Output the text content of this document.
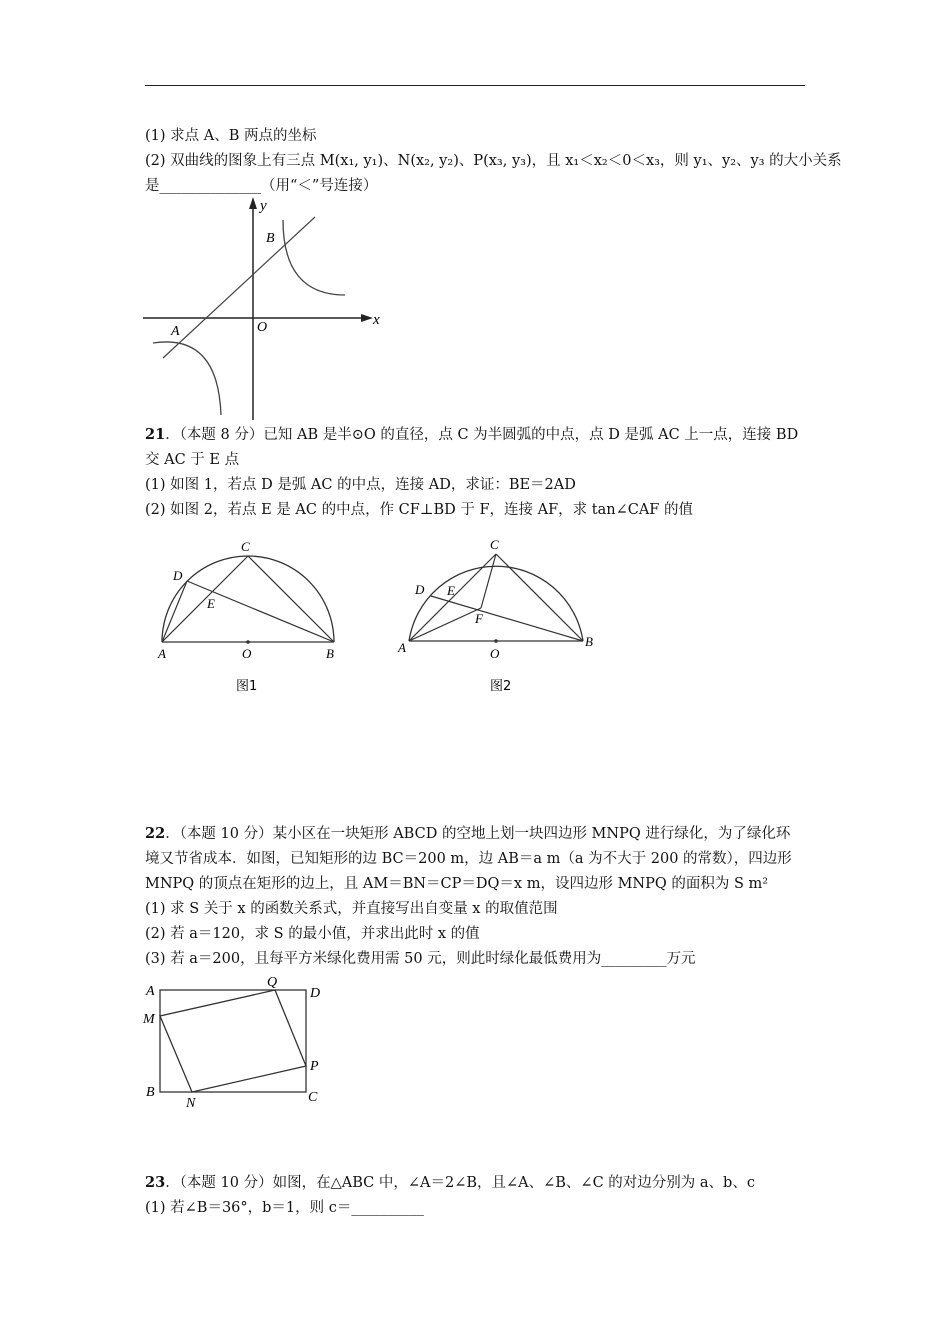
(1) 求点 A、B 两点的坐标
(2) 双曲线的图象上有三点 M(x₁, y₁)、N(x₂, y₂)、P(x₃, y₃)，且 x₁＜x₂＜0＜x₃，则 y₁、y₂、y₃ 的大小关系
是______________（用“＜”号连接）
y
x
O
A
B
21．（本题 8 分）已知 AB 是半⊙O 的直径，点 C 为半圆弧的中点，点 D 是弧 AC 上一点，连接 BD
交 AC 于 E 点
(1) 如图 1，若点 D 是弧 AC 的中点，连接 AD，求证：BE＝2AD
(2) 如图 2，若点 E 是 AC 的中点，作 CF⊥BD 于 F，连接 AF，求 tan∠CAF 的值
C
D
E
A	O	B
图1
C
D E
F
A	O
B
图2
22．（本题 10 分）某小区在一块矩形 ABCD 的空地上划一块四边形 MNPQ 进行绿化，为了绿化环
境又节省成本．如图，已知矩形的边 BC＝200 m，边 AB＝a m（a 为不大于 200 的常数），四边形
MNPQ 的顶点在矩形的边上，且 AM＝BN＝CP＝DQ＝x m，设四边形 MNPQ 的面积为 S m²
(1) 求 S 关于 x 的函数关系式，并直接写出自变量 x 的取值范围
(2) 若 a＝120，求 S 的最小值，并求出此时 x 的值
(3) 若 a＝200，且每平方米绿化费用需 50 元，则此时绿化最低费用为_________万元
A
Q
D
M
P
B
N	C
23．（本题 10 分）如图，在△ABC 中，∠A＝2∠B，且∠A、∠B、∠C 的对边分别为 a、b、c
(1) 若∠B＝36°，b＝1，则 c＝__________
